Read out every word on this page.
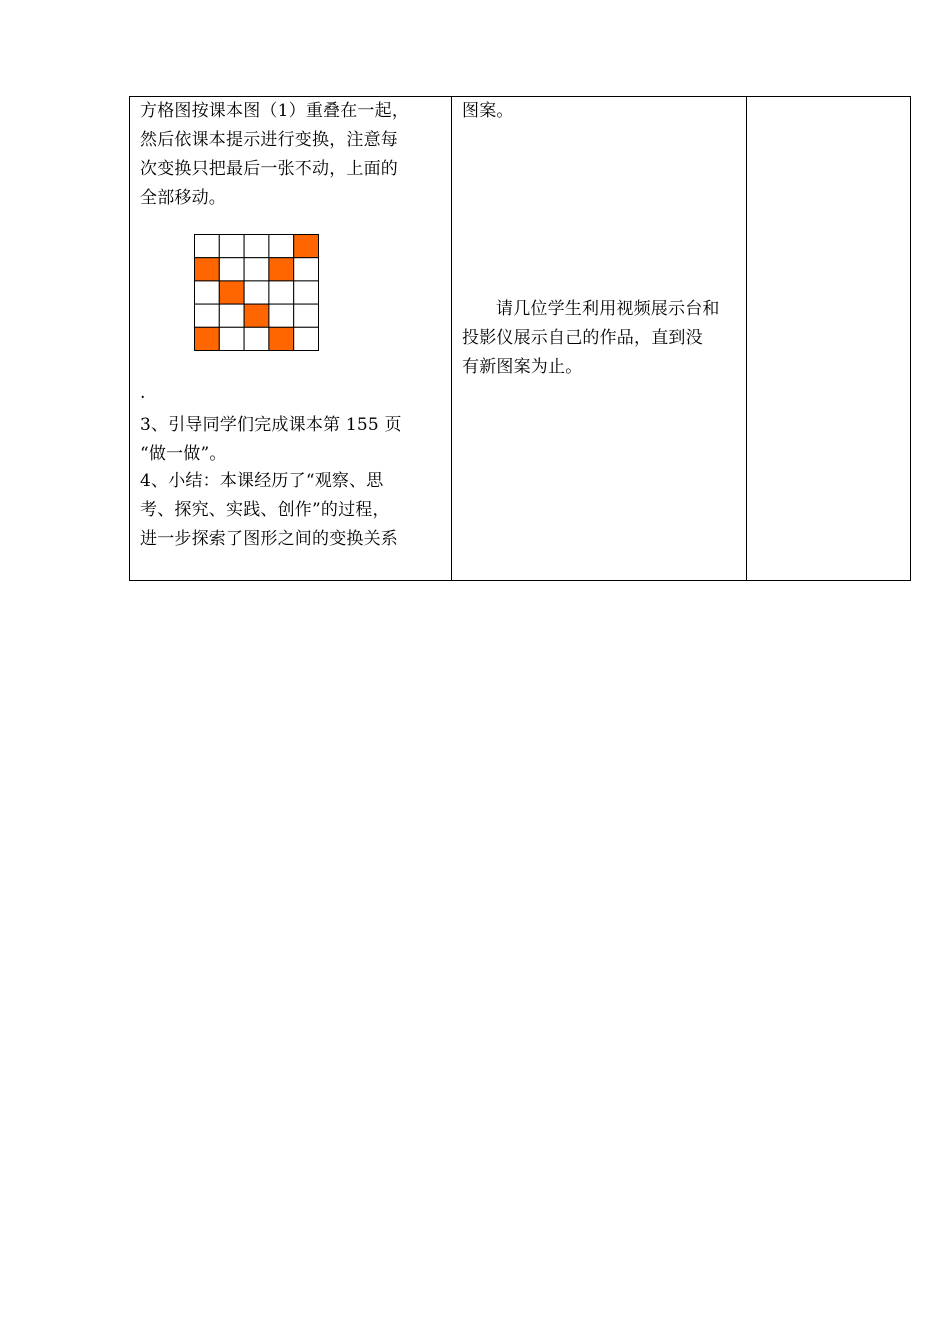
方格图按课本图（1）重叠在一起，
然后依课本提示进行变换，注意每
次变换只把最后一张不动，上面的
全部移动。
.
3、引导同学们完成课本第 155 页
“做一做”。
4、小结：本课经历了“观察、思
考、探究、实践、创作”的过程，
进一步探索了图形之间的变换关系

图案。
请几位学生利用视频展示台和
投影仪展示自己的作品，直到没
有新图案为止。
